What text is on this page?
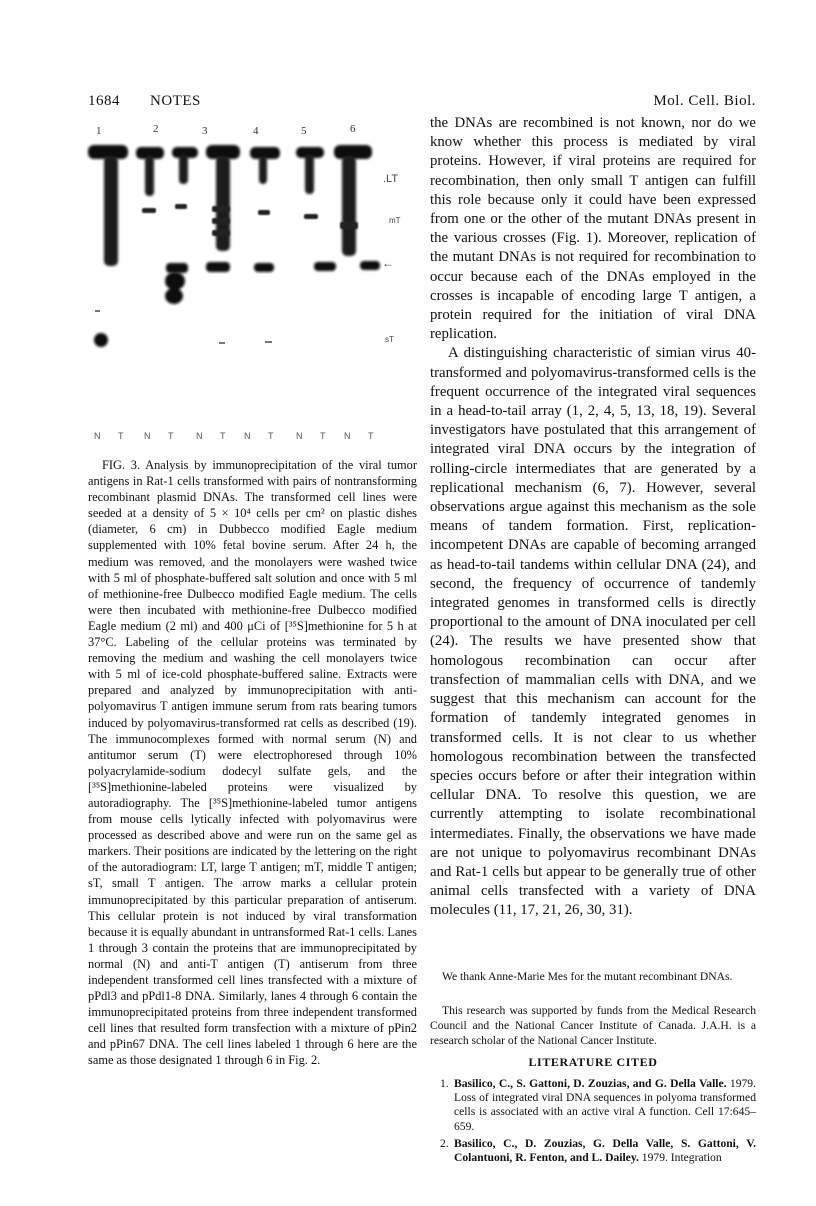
1684 NOTES	Mol. Cell. Biol.
1	2	3	4	5	6
.LT
mT
←
sT
N T N T	N T N T	N T N T

FIG. 3. Analysis by immunoprecipitation of the viral tumor antigens in Rat-1 cells transformed with pairs of nontransforming recombinant plasmid DNAs. The transformed cell lines were seeded at a density of 5 × 10⁴ cells per cm² on plastic dishes (diameter, 6 cm) in Dubbecco modified Eagle medium supplemented with 10% fetal bovine serum. After 24 h, the medium was removed, and the monolayers were washed twice with 5 ml of phosphate-buffered salt solution and once with 5 ml of methionine-free Dulbecco modified Eagle medium. The cells were then incubated with methionine-free Dulbecco modified Eagle medium (2 ml) and 400 μCi of [³⁵S]methionine for 5 h at 37°C. Labeling of the cellular proteins was terminated by removing the medium and washing the cell monolayers twice with 5 ml of ice-cold phosphate-buffered saline. Extracts were prepared and analyzed by immunoprecipitation with anti-polyomavirus T antigen immune serum from rats bearing tumors induced by polyomavirus-transformed rat cells as described (19). The immunocomplexes formed with normal serum (N) and antitumor serum (T) were electrophoresed through 10% polyacrylamide-sodium dodecyl sulfate gels, and the [³⁵S]methionine-labeled proteins were visualized by autoradiography. The [³⁵S]methionine-labeled tumor antigens from mouse cells lytically infected with polyomavirus were processed as described above and were run on the same gel as markers. Their positions are indicated by the lettering on the right of the autoradiogram: LT, large T antigen; mT, middle T antigen; sT, small T antigen. The arrow marks a cellular protein immunoprecipitated by this particular preparation of antiserum. This cellular protein is not induced by viral transformation because it is equally abundant in untransformed Rat-1 cells. Lanes 1 through 3 contain the proteins that are immunoprecipitated by normal (N) and anti-T antigen (T) antiserum from three independent transformed cell lines transfected with a mixture of pPdl3 and pPdl1-8 DNA. Similarly, lanes 4 through 6 contain the immunoprecipitated proteins from three independent transformed cell lines that resulted form transfection with a mixture of pPin2 and pPin67 DNA. The cell lines labeled 1 through 6 here are the same as those designated 1 through 6 in Fig. 2.

the DNAs are recombined is not known, nor do we know whether this process is mediated by viral proteins. However, if viral proteins are required for recombination, then only small T antigen can fulfill this role because only it could have been expressed from one or the other of the mutant DNAs present in the various crosses (Fig. 1). Moreover, replication of the mutant DNAs is not required for recombination to occur because each of the DNAs employed in the crosses is incapable of encoding large T antigen, a protein required for the initiation of viral DNA replication.

A distinguishing characteristic of simian virus 40-transformed and polyomavirus-transformed cells is the frequent occurrence of the integrated viral sequences in a head-to-tail array (1, 2, 4, 5, 13, 18, 19). Several investigators have postulated that this arrangement of integrated viral DNA occurs by the integration of rolling-circle intermediates that are generated by a replicational mechanism (6, 7). However, several observations argue against this mechanism as the sole means of tandem formation. First, replication-incompetent DNAs are capable of becoming arranged as head-to-tail tandems within cellular DNA (24), and second, the frequency of occurrence of tandemly integrated genomes in transformed cells is directly proportional to the amount of DNA inoculated per cell (24). The results we have presented show that homologous recombination can occur after transfection of mammalian cells with DNA, and we suggest that this mechanism can account for the formation of tandemly integrated genomes in transformed cells. It is not clear to us whether homologous recombination between the transfected species occurs before or after their integration within cellular DNA. To resolve this question, we are currently attempting to isolate recombinational intermediates. Finally, the observations we have made are not unique to polyomavirus recombinant DNAs and Rat-1 cells but appear to be generally true of other animal cells transfected with a variety of DNA molecules (11, 17, 21, 26, 30, 31).

We thank Anne-Marie Mes for the mutant recombinant DNAs.

This research was supported by funds from the Medical Research Council and the National Cancer Institute of Canada. J.A.H. is a research scholar of the National Cancer Institute.

LITERATURE CITED
1. Basilico, C., S. Gattoni, D. Zouzias, and G. Della Valle. 1979. Loss of integrated viral DNA sequences in polyoma transformed cells is associated with an active viral A function. Cell 17:645–659.
2. Basilico, C., D. Zouzias, G. Della Valle, S. Gattoni, V. Colantuoni, R. Fenton, and L. Dailey. 1979. Integration
